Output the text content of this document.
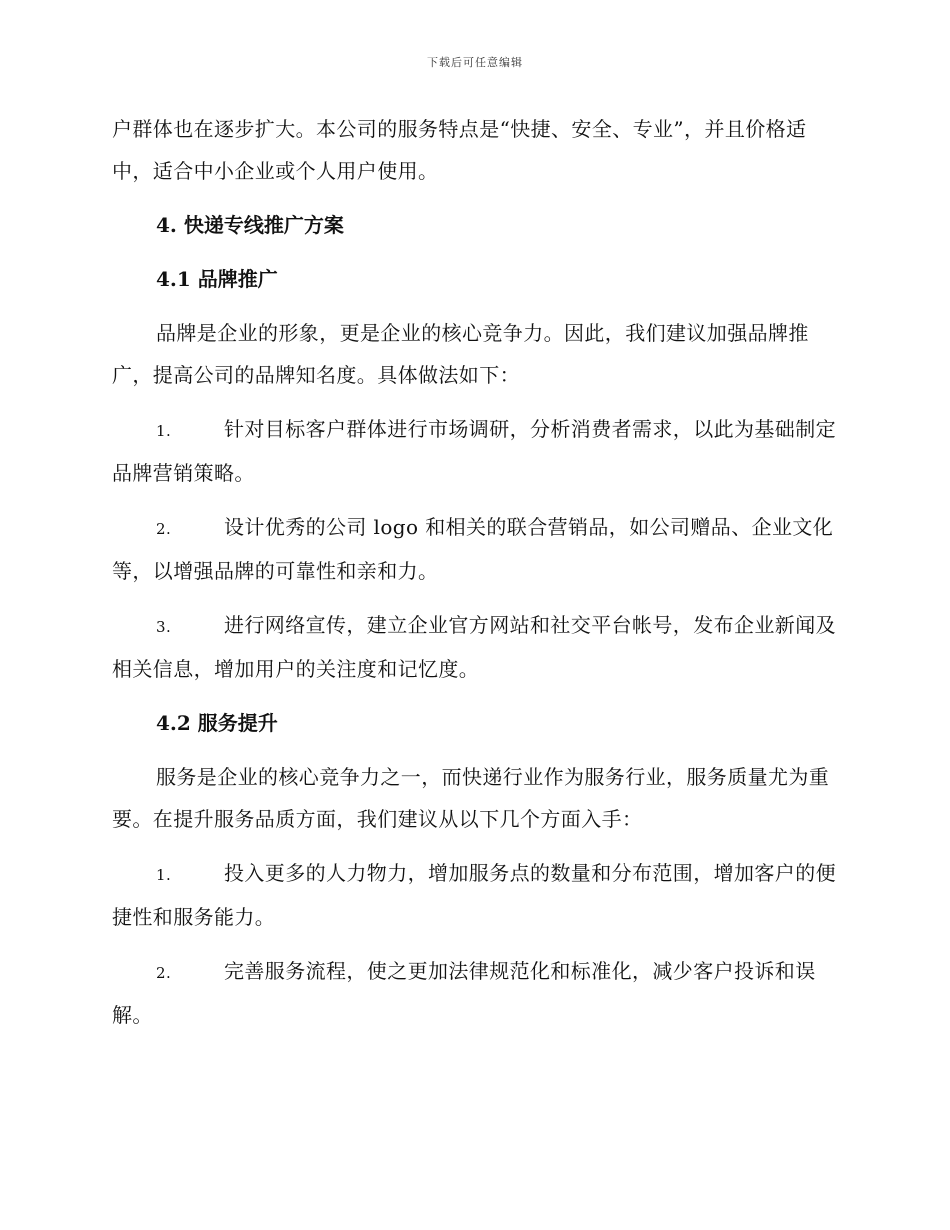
下载后可任意编辑

户群体也在逐步扩大。本公司的服务特点是“快捷、安全、专业”，并且价格适中，适合中小企业或个人用户使用。

4. 快递专线推广方案
4.1 品牌推广

品牌是企业的形象，更是企业的核心竞争力。因此，我们建议加强品牌推广，提高公司的品牌知名度。具体做法如下：

1.	针对目标客户群体进行市场调研，分析消费者需求，以此为基础制定品牌营销策略。

2.	设计优秀的公司 logo 和相关的联合营销品，如公司赠品、企业文化等，以增强品牌的可靠性和亲和力。

3.	进行网络宣传，建立企业官方网站和社交平台帐号，发布企业新闻及相关信息，增加用户的关注度和记忆度。

4.2 服务提升

服务是企业的核心竞争力之一，而快递行业作为服务行业，服务质量尤为重要。在提升服务品质方面，我们建议从以下几个方面入手：

1.	投入更多的人力物力，增加服务点的数量和分布范围，增加客户的便捷性和服务能力。

2.	完善服务流程，使之更加法律规范化和标准化，减少客户投诉和误解。
